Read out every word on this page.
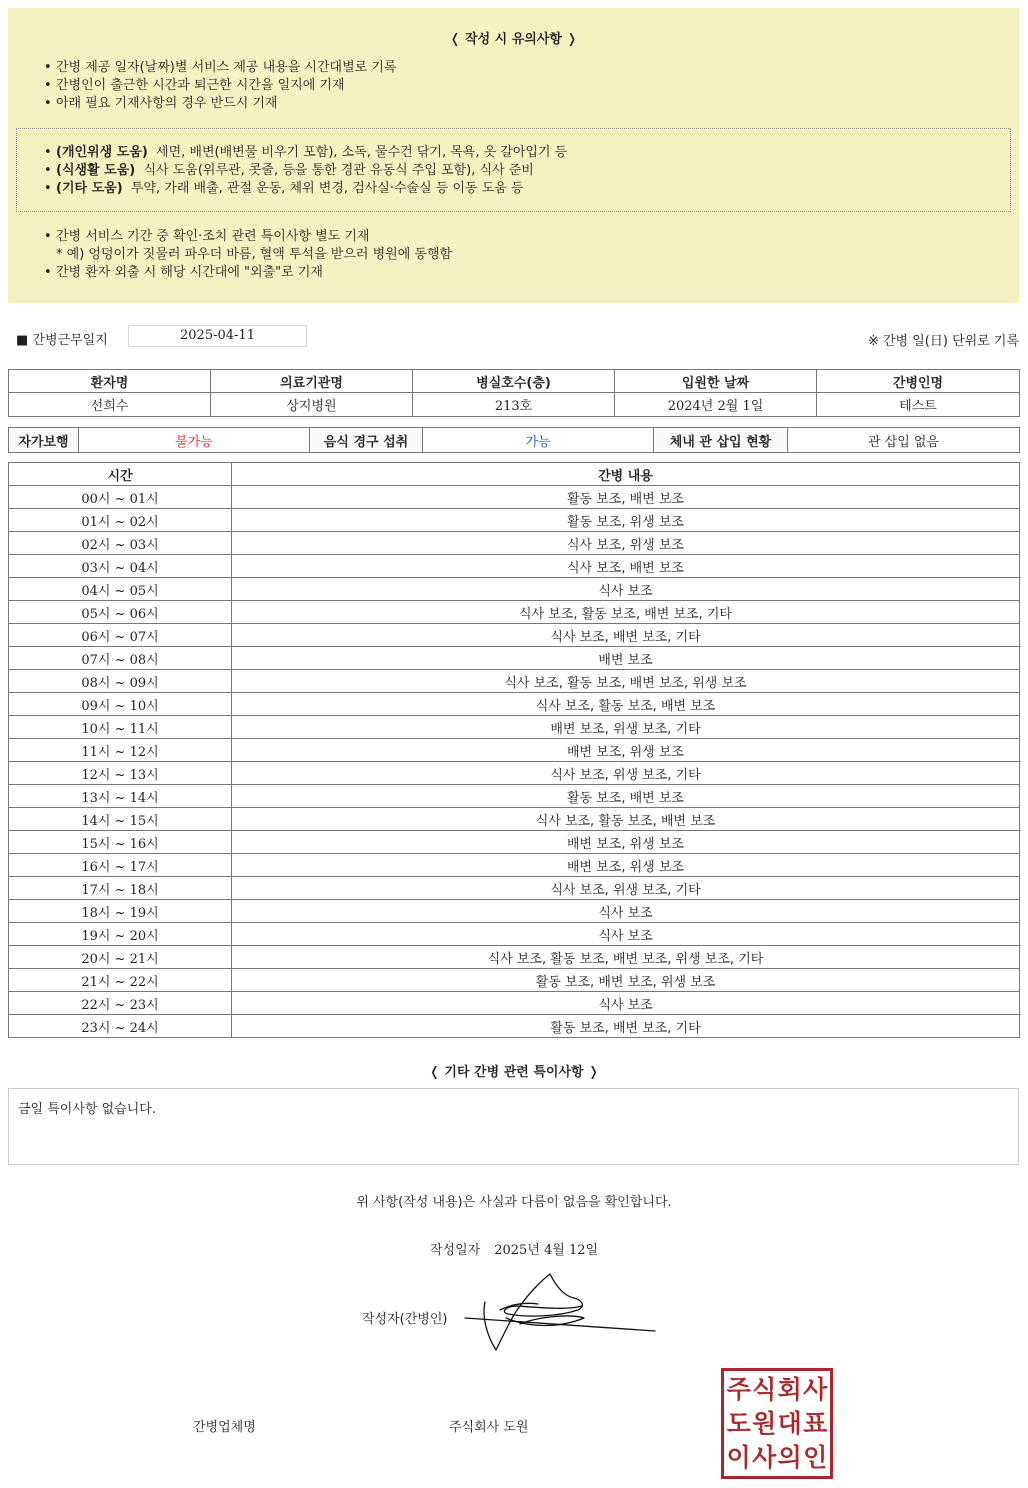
❬ 작성 시 유의사항 ❭
• 간병 제공 일자(날짜)별 서비스 제공 내용을 시간대별로 기록
• 간병인이 출근한 시간과 퇴근한 시간을 일지에 기재
• 아래 필요 기재사항의 경우 반드시 기재
• (개인위생 도움) 세면, 배변(배변물 비우기 포함), 소독, 물수건 닦기, 목욕, 옷 갈아입기 등
• (식생활 도움) 식사 도움(위루관, 콧줄, 등을 통한 경관 유동식 주입 포함), 식사 준비
• (기타 도움) 투약, 가래 배출, 관절 운동, 체위 변경, 검사실·수술실 등 이동 도움 등
• 간병 서비스 기간 중 확인·조치 관련 특이사항 별도 기재
* 예) 엉덩이가 짓물러 파우더 바름, 혈액 투석을 받으러 병원에 동행함
• 간병 환자 외출 시 해당 시간대에 "외출"로 기재
■ 간병근무일지	2025-04-11	※ 간병 일(日) 단위로 기록
환자명	의료기관명	병실호수(층)	입원한 날짜	간병인명
선희수	상지병원	213호	2024년 2월 1일	테스트
자가보행	불가능	음식 경구 섭취	가능	체내 관 삽입 현황	관 삽입 없음
시간	간병 내용
00시 ~ 01시	활동 보조, 배변 보조
01시 ~ 02시	활동 보조, 위생 보조
02시 ~ 03시	식사 보조, 위생 보조
03시 ~ 04시	식사 보조, 배변 보조
04시 ~ 05시	식사 보조
05시 ~ 06시	식사 보조, 활동 보조, 배변 보조, 기타
06시 ~ 07시	식사 보조, 배변 보조, 기타
07시 ~ 08시	배변 보조
08시 ~ 09시	식사 보조, 활동 보조, 배변 보조, 위생 보조
09시 ~ 10시	식사 보조, 활동 보조, 배변 보조
10시 ~ 11시	배변 보조, 위생 보조, 기타
11시 ~ 12시	배변 보조, 위생 보조
12시 ~ 13시	식사 보조, 위생 보조, 기타
13시 ~ 14시	활동 보조, 배변 보조
14시 ~ 15시	식사 보조, 활동 보조, 배변 보조
15시 ~ 16시	배변 보조, 위생 보조
16시 ~ 17시	배변 보조, 위생 보조
17시 ~ 18시	식사 보조, 위생 보조, 기타
18시 ~ 19시	식사 보조
19시 ~ 20시	식사 보조
20시 ~ 21시	식사 보조, 활동 보조, 배변 보조, 위생 보조, 기타
21시 ~ 22시	활동 보조, 배변 보조, 위생 보조
22시 ~ 23시	식사 보조
23시 ~ 24시	활동 보조, 배변 보조, 기타
❬ 기타 간병 관련 특이사항 ❭
금일 특이사항 없습니다.
위 사항(작성 내용)은 사실과 다름이 없음을 확인합니다.
작성일자 2025년 4월 12일
작성자(간병인)
간병업체명	주식회사 도원
주 식 회 사
도 원 대 표
이 사 의 인
